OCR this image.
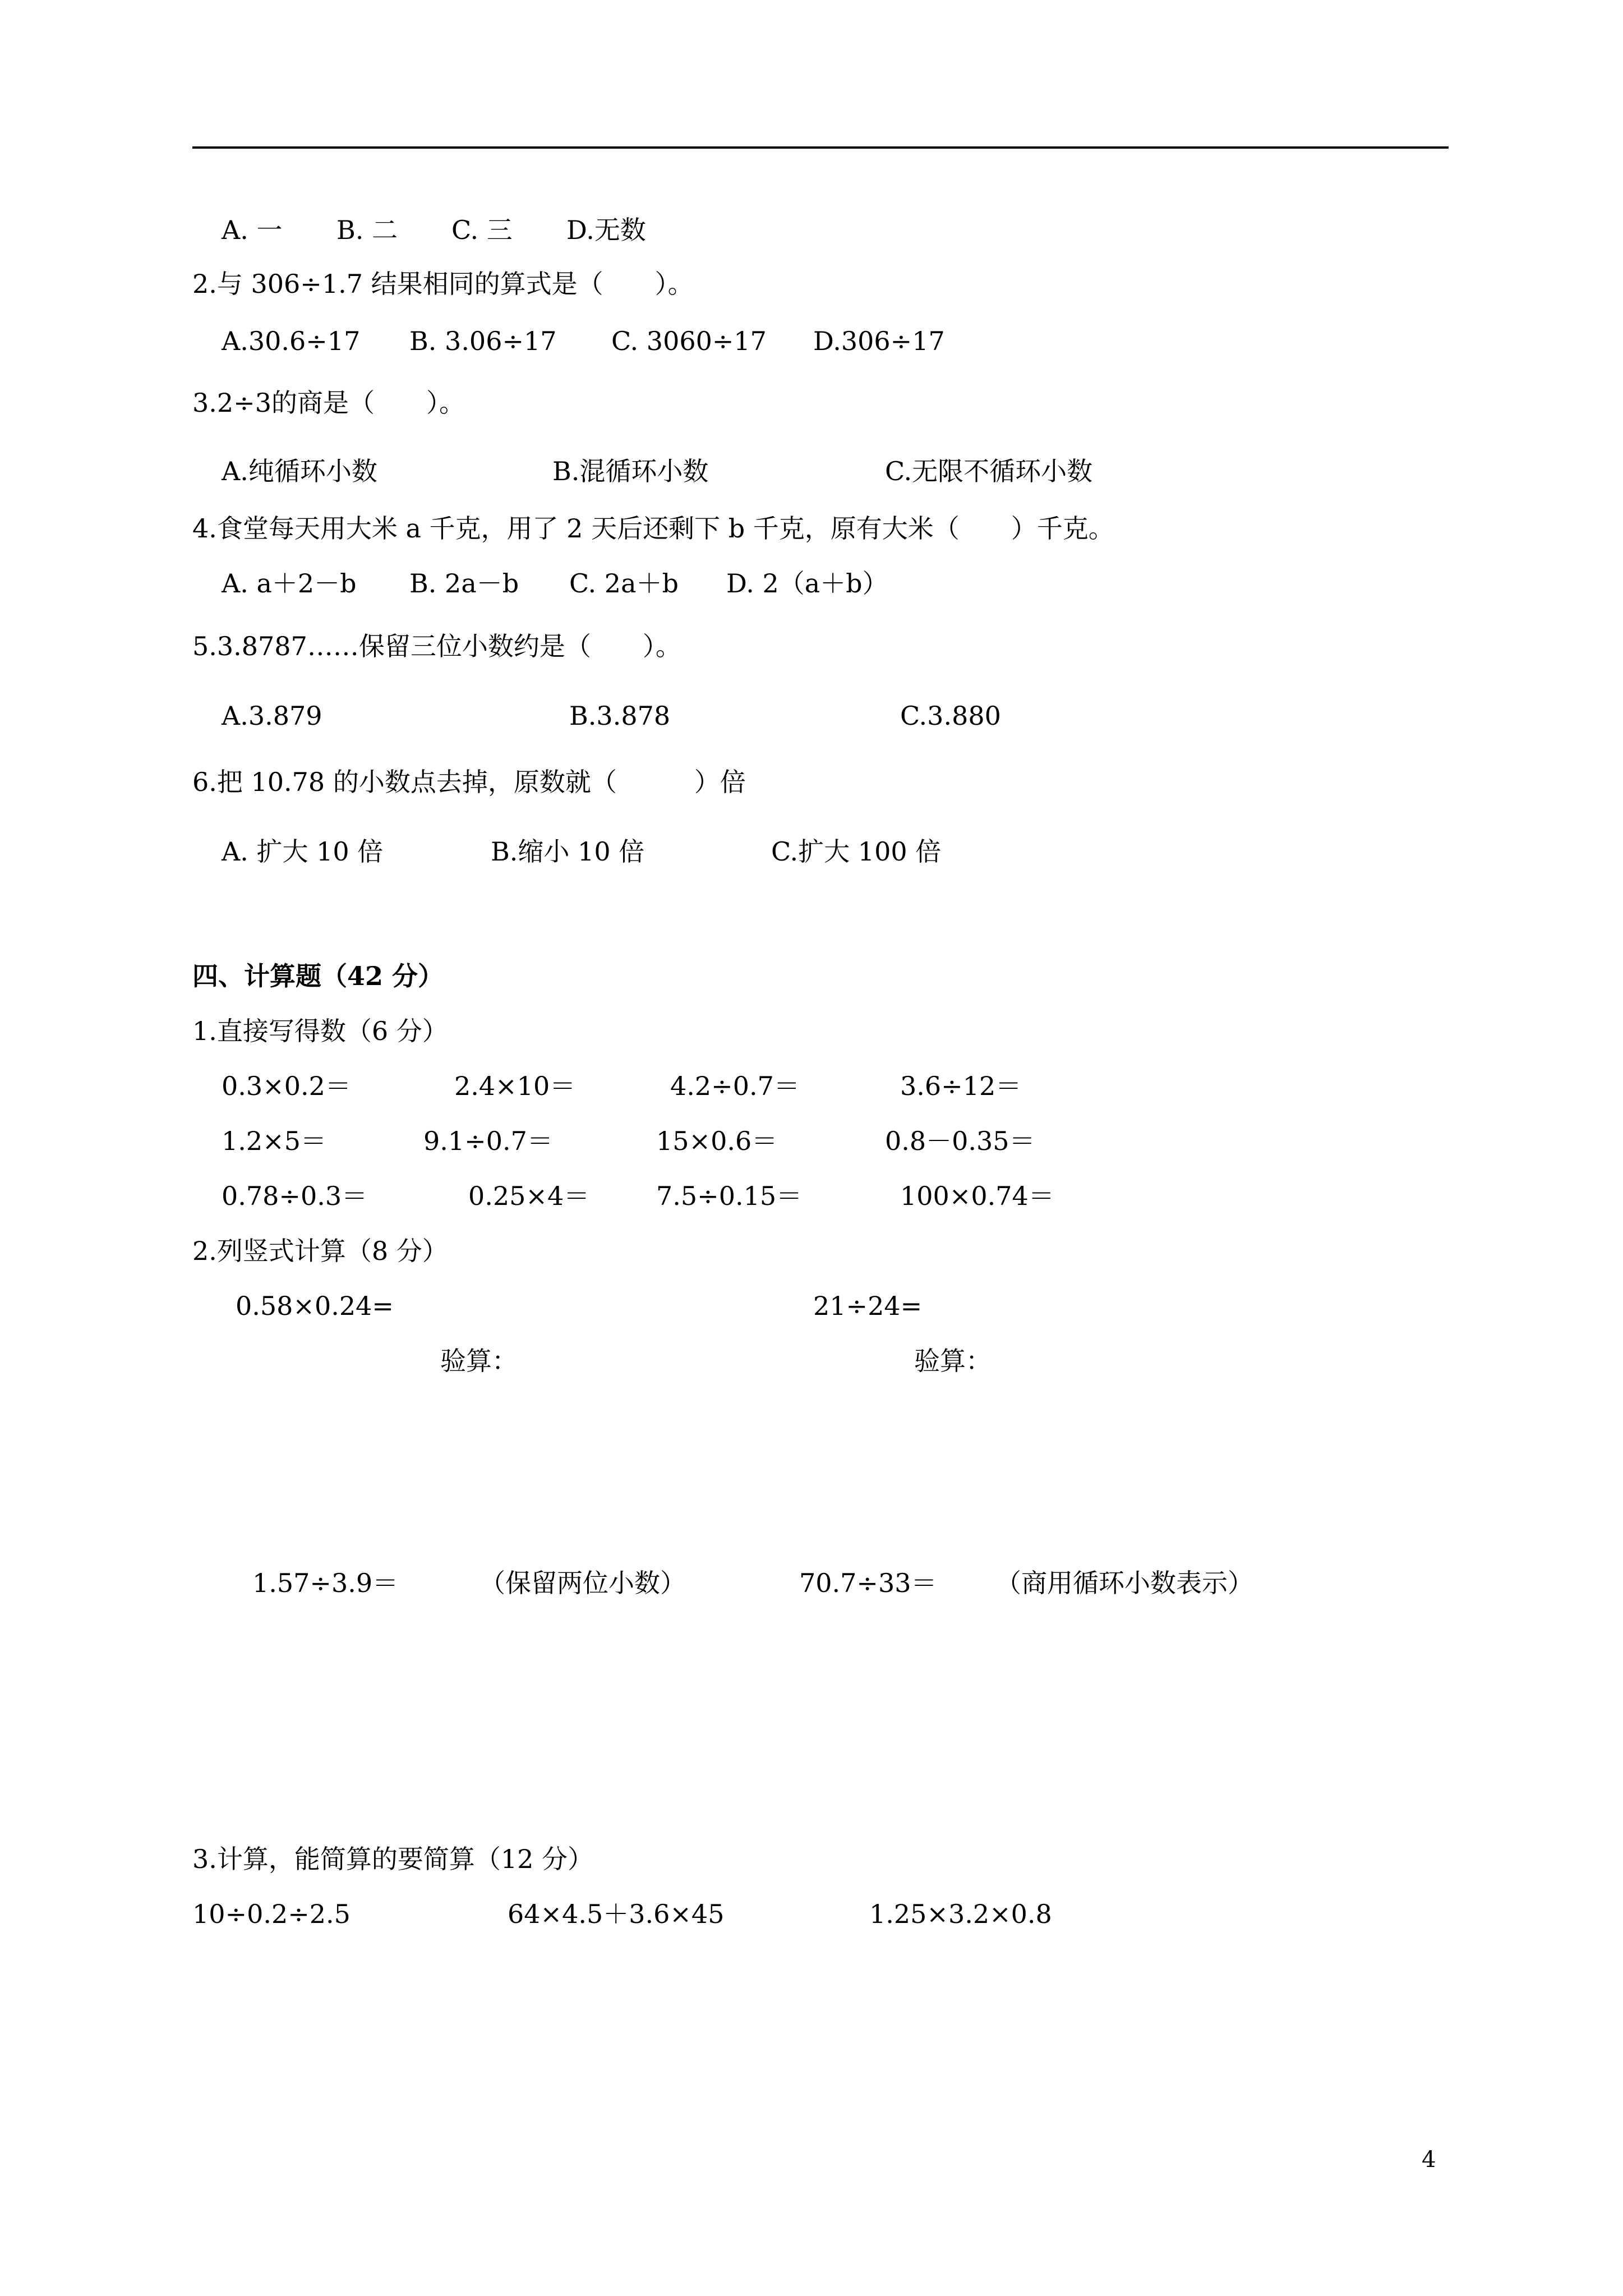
A. 一 B. 二 C. 三 D.无数
2.与 306÷1.7 结果相同的算式是（　　）。
A.30.6÷17 B. 3.06÷17 C. 3060÷17 D.306÷17
3.2÷3的商是（　　）。
A.纯循环小数	B.混循环小数	C.无限不循环小数
4.食堂每天用大米 a 千克，用了 2 天后还剩下 b 千克，原有大米（　　）千克。
A. a＋2－b B. 2a－b C. 2a＋b D. 2（a＋b）
5.3.8787……保留三位小数约是（　　）。
A.3.879	B.3.878	C.3.880
6.把 10.78 的小数点去掉，原数就（　　　）倍
A. 扩大 10 倍	B.缩小 10 倍	C.扩大 100 倍
四、计算题（42 分）
1.直接写得数（6 分）
0.3×0.2＝	2.4×10＝	4.2÷0.7＝	3.6÷12＝
1.2×5＝	9.1÷0.7＝	15×0.6＝	0.8－0.35＝
0.78÷0.3＝	0.25×4＝	7.5÷0.15＝	100×0.74＝
2.列竖式计算（8 分）
0.58×0.24=	21÷24=
验算：	验算：
1.57÷3.9＝	（保留两位小数）	70.7÷33＝ （商用循环小数表示）
3.计算，能简算的要简算（12 分）
10÷0.2÷2.5	64×4.5＋3.6×45	1.25×3.2×0.8
4
